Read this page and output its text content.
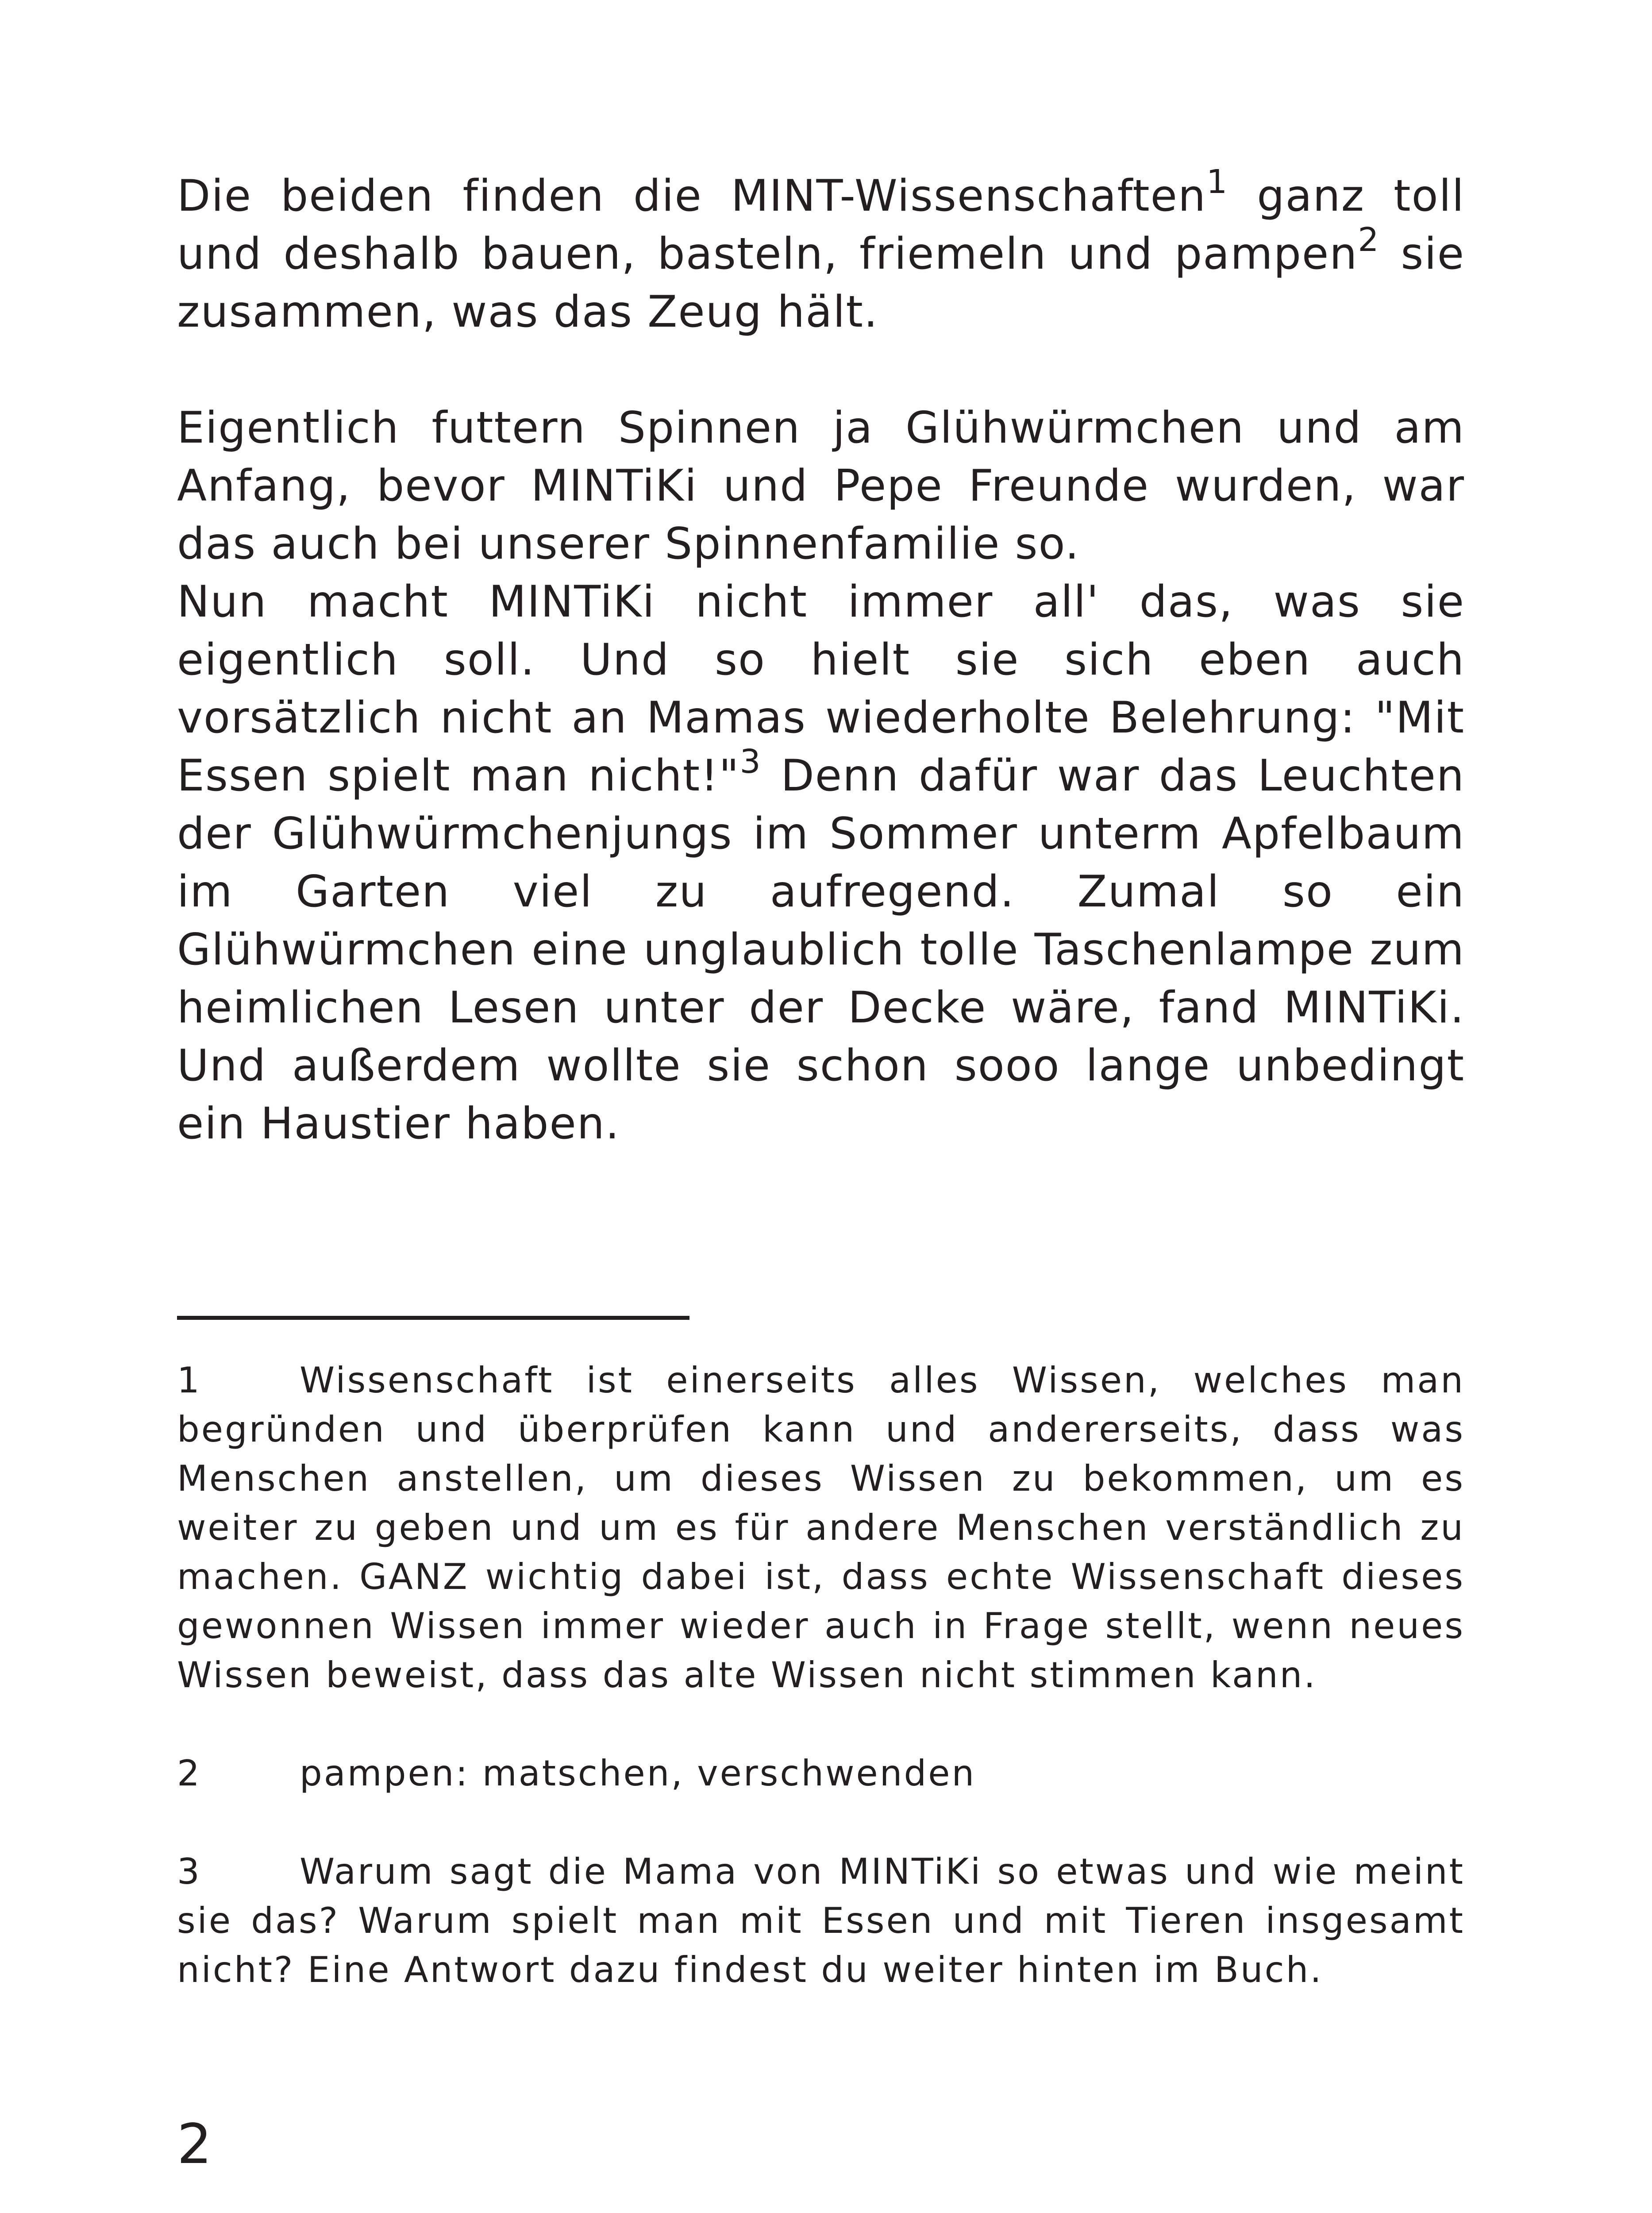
Die beiden finden die MINT-Wissenschaften$^1$ ganz toll und deshalb bauen, basteln, friemeln und pampen$^2$ sie zusammen, was das Zeug hält.

Eigentlich futtern Spinnen ja Glühwürmchen und am Anfang, bevor MINTiKi und Pepe Freunde wurden, war das auch bei unserer Spinnenfamilie so.

Nun macht MINTiKi nicht immer all' das, was sie eigentlich soll. Und so hielt sie sich eben auch vorsätzlich nicht an Mamas wiederholte Belehrung: "Mit Essen spielt man nicht!"$^3$ Denn dafür war das Leuchten der Glühwürmchenjungs im Sommer unterm Apfelbaum im Garten viel zu aufregend. Zumal so ein Glühwürmchen eine unglaublich tolle Taschenlampe zum heimlichen Lesen unter der Decke wäre, fand MINTiKi. Und außerdem wollte sie schon sooo lange unbedingt ein Haustier haben.

1	Wissenschaft ist einerseits alles Wissen, welches man begründen und überprüfen kann und andererseits, dass was Menschen anstellen, um dieses Wissen zu bekommen, um es weiter zu geben und um es für andere Menschen verständlich zu machen. GANZ wichtig dabei ist, dass echte Wissenschaft dieses gewonnen Wissen immer wieder auch in Frage stellt, wenn neues Wissen beweist, dass das alte Wissen nicht stimmen kann.

2	pampen: matschen, verschwenden

3	Warum sagt die Mama von MINTiKi so etwas und wie meint sie das? Warum spielt man mit Essen und mit Tieren insgesamt nicht? Eine Antwort dazu findest du weiter hinten im Buch.

2
